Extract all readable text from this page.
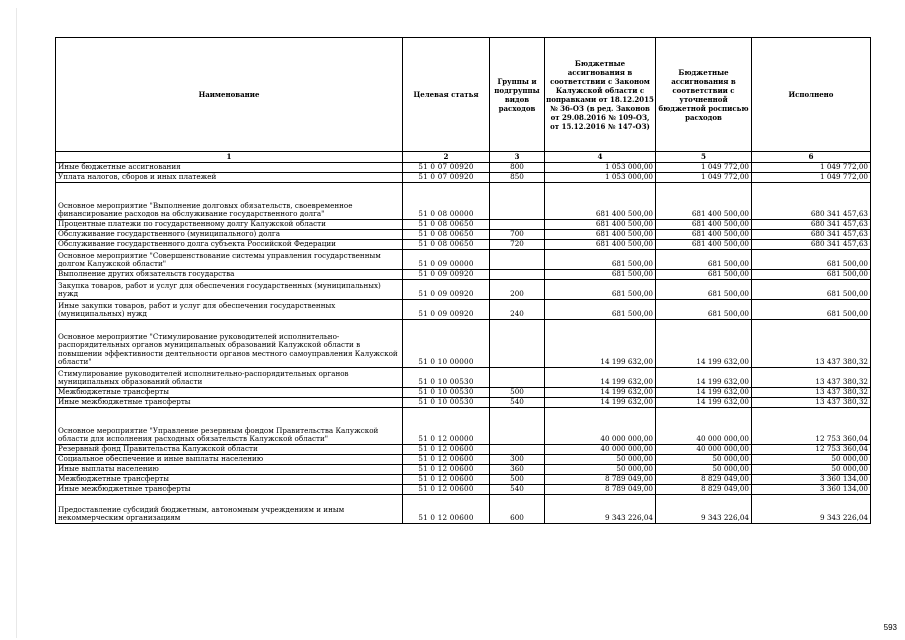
Наименование	Целевая статья	Группы и подгруппы видов расходов	Бюджетные ассигнования в соответствии с Законом Калужской области с поправками от 18.12.2015 № 36-ОЗ (в ред. Законов от 29.08.2016 № 109-ОЗ, от 15.12.2016 № 147-ОЗ)	Бюджетные ассигнования в соответствии с уточненной бюджетной росписью расходов	Исполнено
1	2	3	4	5	6
Иные бюджетные ассигнования	51 0 07 00920	800	1 053 000,00	1 049 772,00	1 049 772,00
Уплата налогов, сборов и иных платежей	51 0 07 00920	850	1 053 000,00	1 049 772,00	1 049 772,00
Основное мероприятие "Выполнение долговых обязательств, своевременное финансирование расходов на обслуживание государственного долга"	51 0 08 00000		681 400 500,00	681 400 500,00	680 341 457,63
Процентные платежи по государственному долгу Калужской области	51 0 08 00650		681 400 500,00	681 400 500,00	680 341 457,63
Обслуживание государственного (муниципального) долга	51 0 08 00650	700	681 400 500,00	681 400 500,00	680 341 457,63
Обслуживание государственного долга субъекта Российской Федерации	51 0 08 00650	720	681 400 500,00	681 400 500,00	680 341 457,63
Основное мероприятие "Совершенствование системы управления государственным долгом Калужской области"	51 0 09 00000		681 500,00	681 500,00	681 500,00
Выполнение других обязательств государства	51 0 09 00920		681 500,00	681 500,00	681 500,00
Закупка товаров, работ и услуг для обеспечения государственных (муниципальных) нужд	51 0 09 00920	200	681 500,00	681 500,00	681 500,00
Иные закупки товаров, работ и услуг для обеспечения государственных (муниципальных) нужд	51 0 09 00920	240	681 500,00	681 500,00	681 500,00
Основное мероприятие "Стимулирование руководителей исполнительно-распорядительных органов муниципальных образований Калужской области в повышении эффективности деятельности органов местного самоуправления Калужской области"	51 0 10 00000		14 199 632,00	14 199 632,00	13 437 380,32
Стимулирование руководителей исполнительно-распорядительных органов муниципальных образований области	51 0 10 00530		14 199 632,00	14 199 632,00	13 437 380,32
Межбюджетные трансферты	51 0 10 00530	500	14 199 632,00	14 199 632,00	13 437 380,32
Иные межбюджетные трансферты	51 0 10 00530	540	14 199 632,00	14 199 632,00	13 437 380,32
Основное мероприятие "Управление резервным фондом Правительства Калужской области для исполнения расходных обязательств Калужской области"	51 0 12 00000		40 000 000,00	40 000 000,00	12 753 360,04
Резервный фонд Правительства Калужской области	51 0 12 00600		40 000 000,00	40 000 000,00	12 753 360,04
Социальное обеспечение и иные выплаты населению	51 0 12 00600	300	50 000,00	50 000,00	50 000,00
Иные выплаты населению	51 0 12 00600	360	50 000,00	50 000,00	50 000,00
Межбюджетные трансферты	51 0 12 00600	500	8 789 049,00	8 829 049,00	3 360 134,00
Иные межбюджетные трансферты	51 0 12 00600	540	8 789 049,00	8 829 049,00	3 360 134,00
Предоставление субсидий бюджетным, автономным учреждениям и иным некоммерческим организациям	51 0 12 00600	600	9 343 226,04	9 343 226,04	9 343 226,04
593
